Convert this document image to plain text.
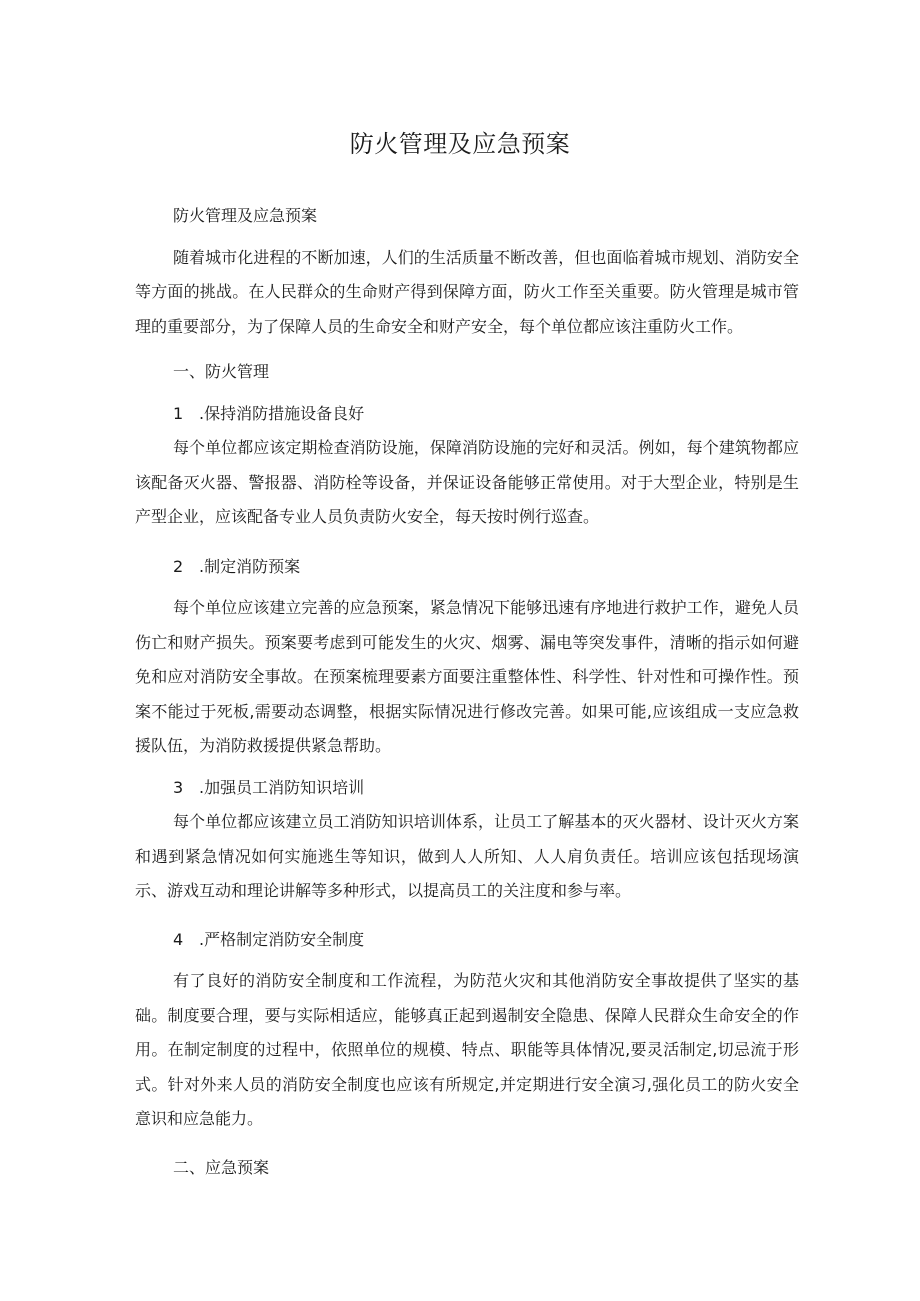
防火管理及应急预案

防火管理及应急预案

随着城市化进程的不断加速，人们的生活质量不断改善，但也面临着城市规划、消防安全等方面的挑战。在人民群众的生命财产得到保障方面，防火工作至关重要。防火管理是城市管理的重要部分，为了保障人员的生命安全和财产安全，每个单位都应该注重防火工作。

一、防火管理

1 .保持消防措施设备良好

每个单位都应该定期检查消防设施，保障消防设施的完好和灵活。例如，每个建筑物都应该配备灭火器、警报器、消防栓等设备，并保证设备能够正常使用。对于大型企业，特别是生产型企业，应该配备专业人员负责防火安全，每天按时例行巡查。

2 .制定消防预案

每个单位应该建立完善的应急预案，紧急情况下能够迅速有序地进行救护工作，避免人员伤亡和财产损失。预案要考虑到可能发生的火灾、烟雾、漏电等突发事件，清晰的指示如何避免和应对消防安全事故。在预案梳理要素方面要注重整体性、科学性、针对性和可操作性。预案不能过于死板,需要动态调整，根据实际情况进行修改完善。如果可能,应该组成一支应急救援队伍，为消防救援提供紧急帮助。

3 .加强员工消防知识培训

每个单位都应该建立员工消防知识培训体系，让员工了解基本的灭火器材、设计灭火方案和遇到紧急情况如何实施逃生等知识，做到人人所知、人人肩负责任。培训应该包括现场演示、游戏互动和理论讲解等多种形式，以提高员工的关注度和参与率。

4 .严格制定消防安全制度

有了良好的消防安全制度和工作流程，为防范火灾和其他消防安全事故提供了坚实的基础。制度要合理，要与实际相适应，能够真正起到遏制安全隐患、保障人民群众生命安全的作用。在制定制度的过程中，依照单位的规模、特点、职能等具体情况,要灵活制定,切忌流于形式。针对外来人员的消防安全制度也应该有所规定,并定期进行安全演习,强化员工的防火安全意识和应急能力。

二、应急预案
